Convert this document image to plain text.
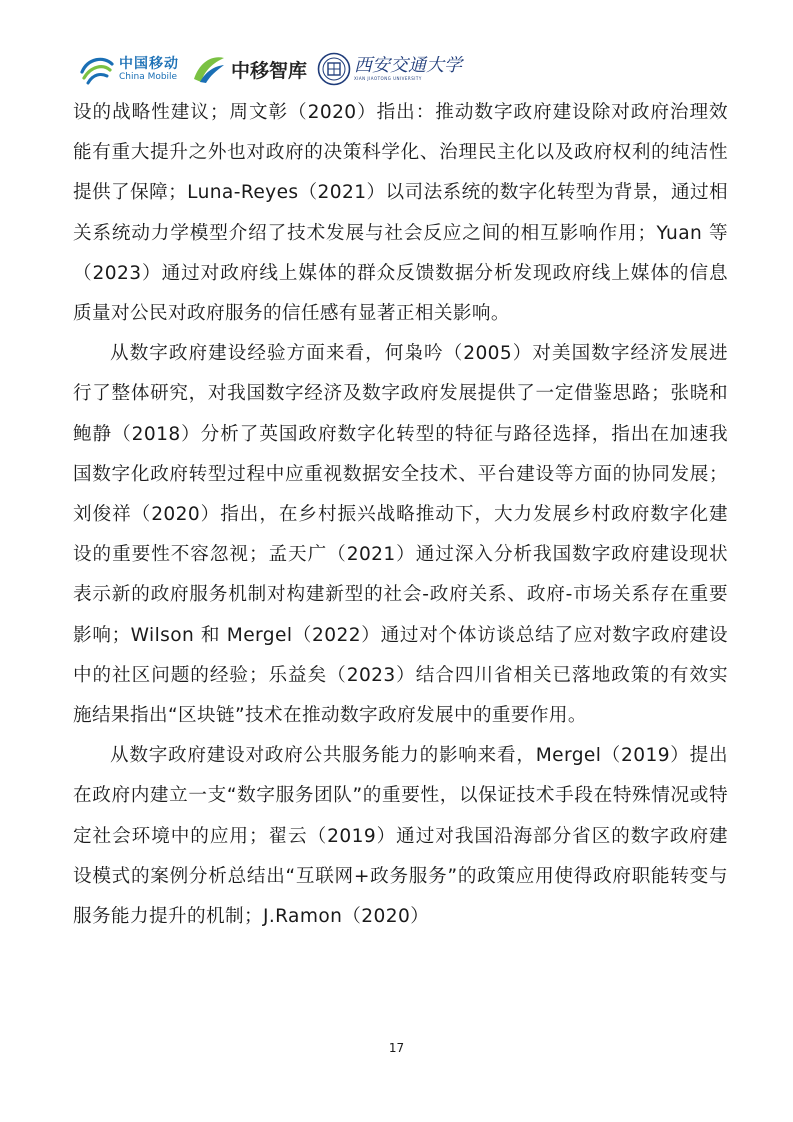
中国移动
China Mobile	中移智库	西安交通大学
XIAN JIAOTONG UNIVERSITY

设的战略性建议；周文彰（2020）指出：推动数字政府建设除对政府治理效能有重大提升之外也对政府的决策科学化、治理民主化以及政府权利的纯洁性提供了保障；Luna-Reyes（2021）以司法系统的数字化转型为背景，通过相关系统动力学模型介绍了技术发展与社会反应之间的相互影响作用；Yuan 等（2023）通过对政府线上媒体的群众反馈数据分析发现政府线上媒体的信息质量对公民对政府服务的信任感有显著正相关影响。

从数字政府建设经验方面来看，何枭吟（2005）对美国数字经济发展进行了整体研究，对我国数字经济及数字政府发展提供了一定借鉴思路；张晓和鲍静（2018）分析了英国政府数字化转型的特征与路径选择，指出在加速我国数字化政府转型过程中应重视数据安全技术、平台建设等方面的协同发展；刘俊祥（2020）指出，在乡村振兴战略推动下，大力发展乡村政府数字化建设的重要性不容忽视；孟天广（2021）通过深入分析我国数字政府建设现状表示新的政府服务机制对构建新型的社会-政府关系、政府-市场关系存在重要影响；Wilson 和 Mergel（2022）通过对个体访谈总结了应对数字政府建设中的社区问题的经验；乐益矣（2023）结合四川省相关已落地政策的有效实施结果指出“区块链”技术在推动数字政府发展中的重要作用。

从数字政府建设对政府公共服务能力的影响来看，Mergel（2019）提出在政府内建立一支“数字服务团队”的重要性，以保证技术手段在特殊情况或特定社会环境中的应用；翟云（2019）通过对我国沿海部分省区的数字政府建设模式的案例分析总结出“互联网+政务服务”的政策应用使得政府职能转变与服务能力提升的机制；J.Ramon（2020）

17
